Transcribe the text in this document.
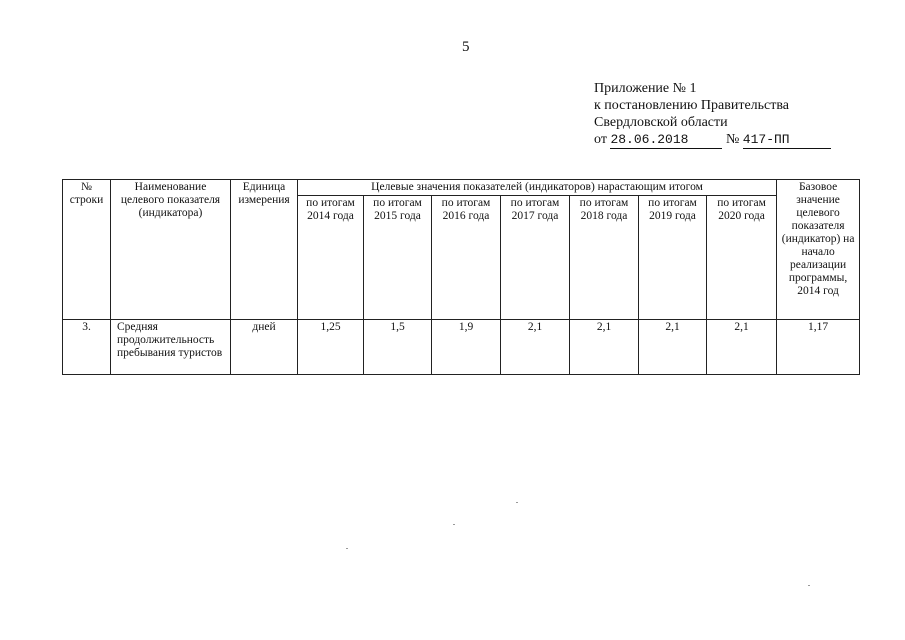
5
Приложение № 1
к постановлению Правительства
Свердловской области
от 28.06.2018	№ 417-ПП
№ строки	Наименование целевого показателя (индикатора)	Единица измерения	Целевые значения показателей (индикаторов) нарастающим итогом							Базовое значение целевого показателя (индикатор) на начало реализации программы, 2014 год
			по итогам 2014 года	по итогам 2015 года	по итогам 2016 года	по итогам 2017 года	по итогам 2018 года	по итогам 2019 года	по итогам 2020 года	
3.	Средняя продолжительность пребывания туристов	дней	1,25	1,5	1,9	2,1	2,1	2,1	2,1	1,17
